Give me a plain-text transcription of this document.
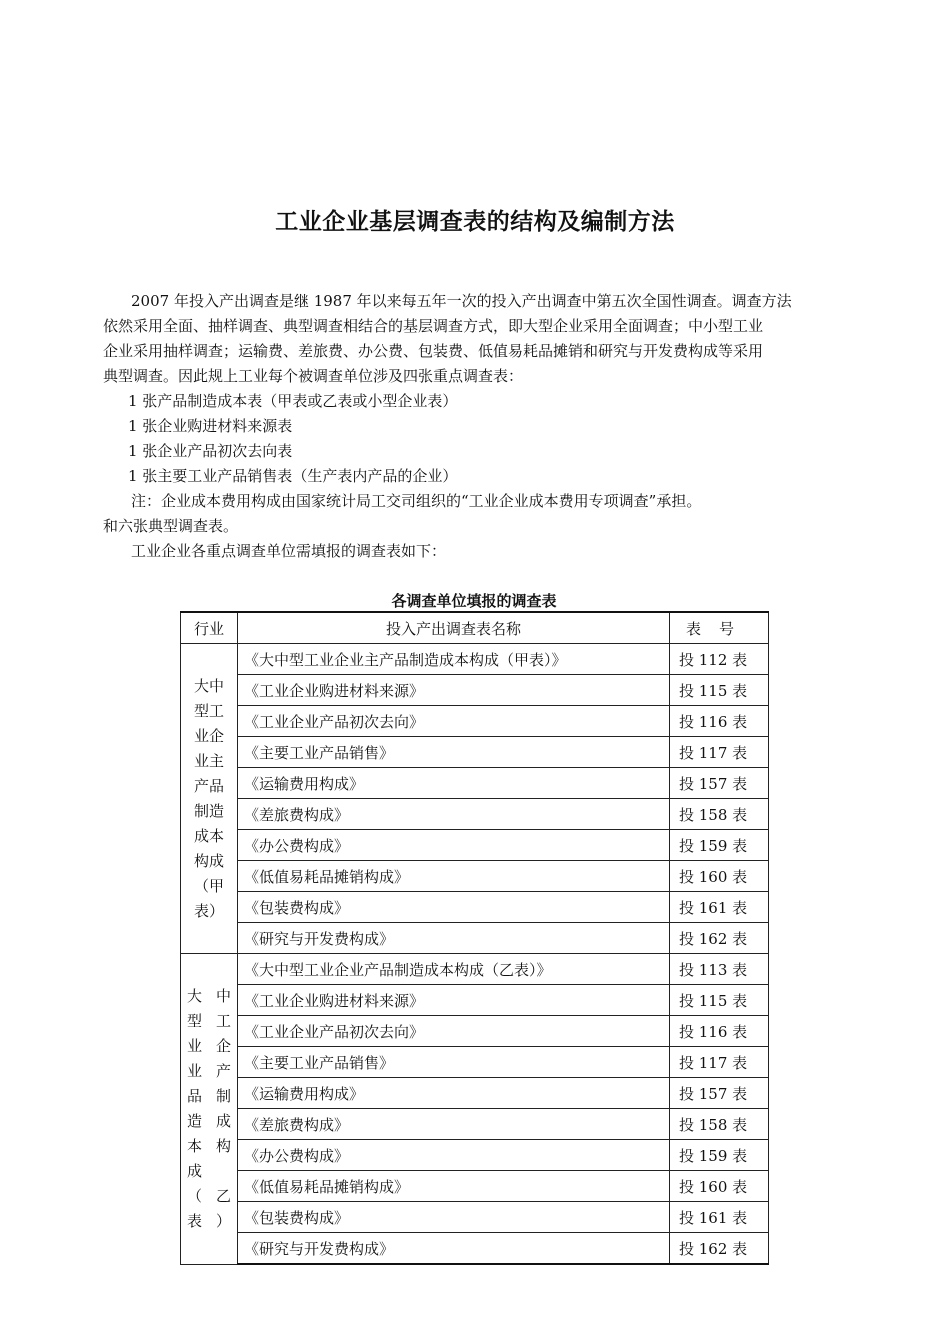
工业企业基层调查表的结构及编制方法
2007 年投入产出调查是继 1987 年以来每五年一次的投入产出调查中第五次全国性调查。调查方法
依然采用全面、抽样调查、典型调查相结合的基层调查方式，即大型企业采用全面调查；中小型工业
企业采用抽样调查；运输费、差旅费、办公费、包装费、低值易耗品摊销和研究与开发费构成等采用
典型调查。因此规上工业每个被调查单位涉及四张重点调查表：
1 张产品制造成本表（甲表或乙表或小型企业表）
1 张企业购进材料来源表
1 张企业产品初次去向表
1 张主要工业产品销售表（生产表内产品的企业）
注：企业成本费用构成由国家统计局工交司组织的“工业企业成本费用专项调查”承担。
和六张典型调查表。
工业企业各重点调查单位需填报的调查表如下：
各调查单位填报的调查表
行业	投入产出调查表名称	表号
大中型工业企业主产品制造成本构成（甲表）	《大中型工业企业主产品制造成本构成（甲表）》	投 112 表
	《工业企业购进材料来源》	投 115 表
	《工业企业产品初次去向》	投 116 表
	《主要工业产品销售》	投 117 表
	《运输费用构成》	投 157 表
	《差旅费构成》	投 158 表
	《办公费构成》	投 159 表
	《低值易耗品摊销构成》	投 160 表
	《包装费构成》	投 161 表
	《研究与开发费构成》	投 162 表
大中型工业企业产品制造成本构成（乙表）	《大中型工业企业产品制造成本构成（乙表）》	投 113 表
	《工业企业购进材料来源》	投 115 表
	《工业企业产品初次去向》	投 116 表
	《主要工业产品销售》	投 117 表
	《运输费用构成》	投 157 表
	《差旅费构成》	投 158 表
	《办公费构成》	投 159 表
	《低值易耗品摊销构成》	投 160 表
	《包装费构成》	投 161 表
	《研究与开发费构成》	投 162 表
